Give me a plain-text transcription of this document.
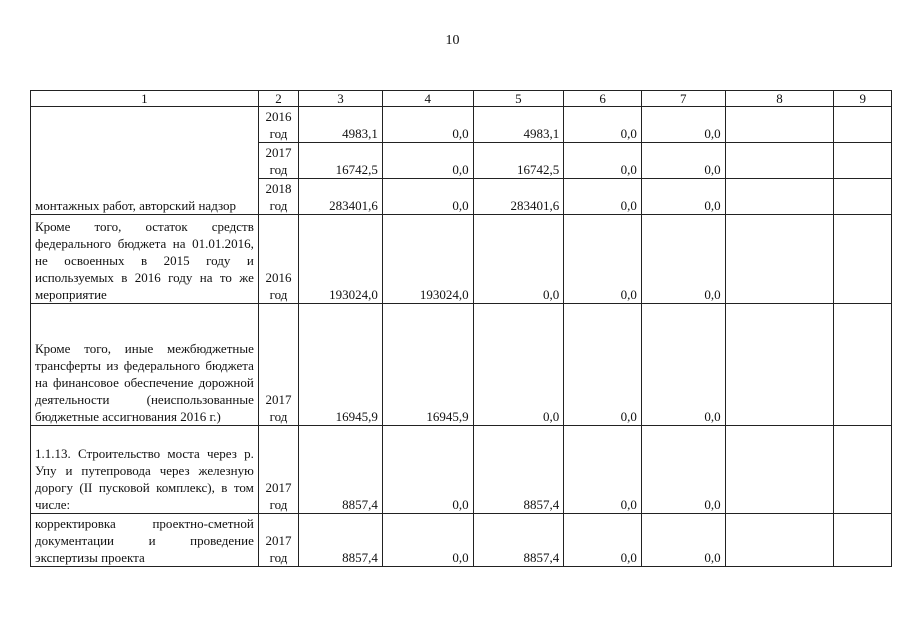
10
1	2	3	4	5	6	7	8	9
монтажных работ, авторский надзор	2016 год	4983,1	0,0	4983,1	0,0	0,0		
	2017 год	16742,5	0,0	16742,5	0,0	0,0		
	2018 год	283401,6	0,0	283401,6	0,0	0,0		
Кроме того, остаток средств федерального бюджета на 01.01.2016, не освоенных в 2015 году и используемых в 2016 году на то же мероприятие	2016 год	193024,0	193024,0	0,0	0,0	0,0		
Кроме того, иные межбюджетные трансферты из федерального бюджета на финансовое обеспечение дорожной деятельности (неиспользованные бюджетные ассигнования 2016 г.)	2017 год	16945,9	16945,9	0,0	0,0	0,0		
1.1.13. Строительство моста через р. Упу и путепровода через железную дорогу (II пусковой комплекс), в том числе:	2017 год	8857,4	0,0	8857,4	0,0	0,0		
корректировка проектно-сметной документации и проведение экспертизы проекта	2017 год	8857,4	0,0	8857,4	0,0	0,0		
